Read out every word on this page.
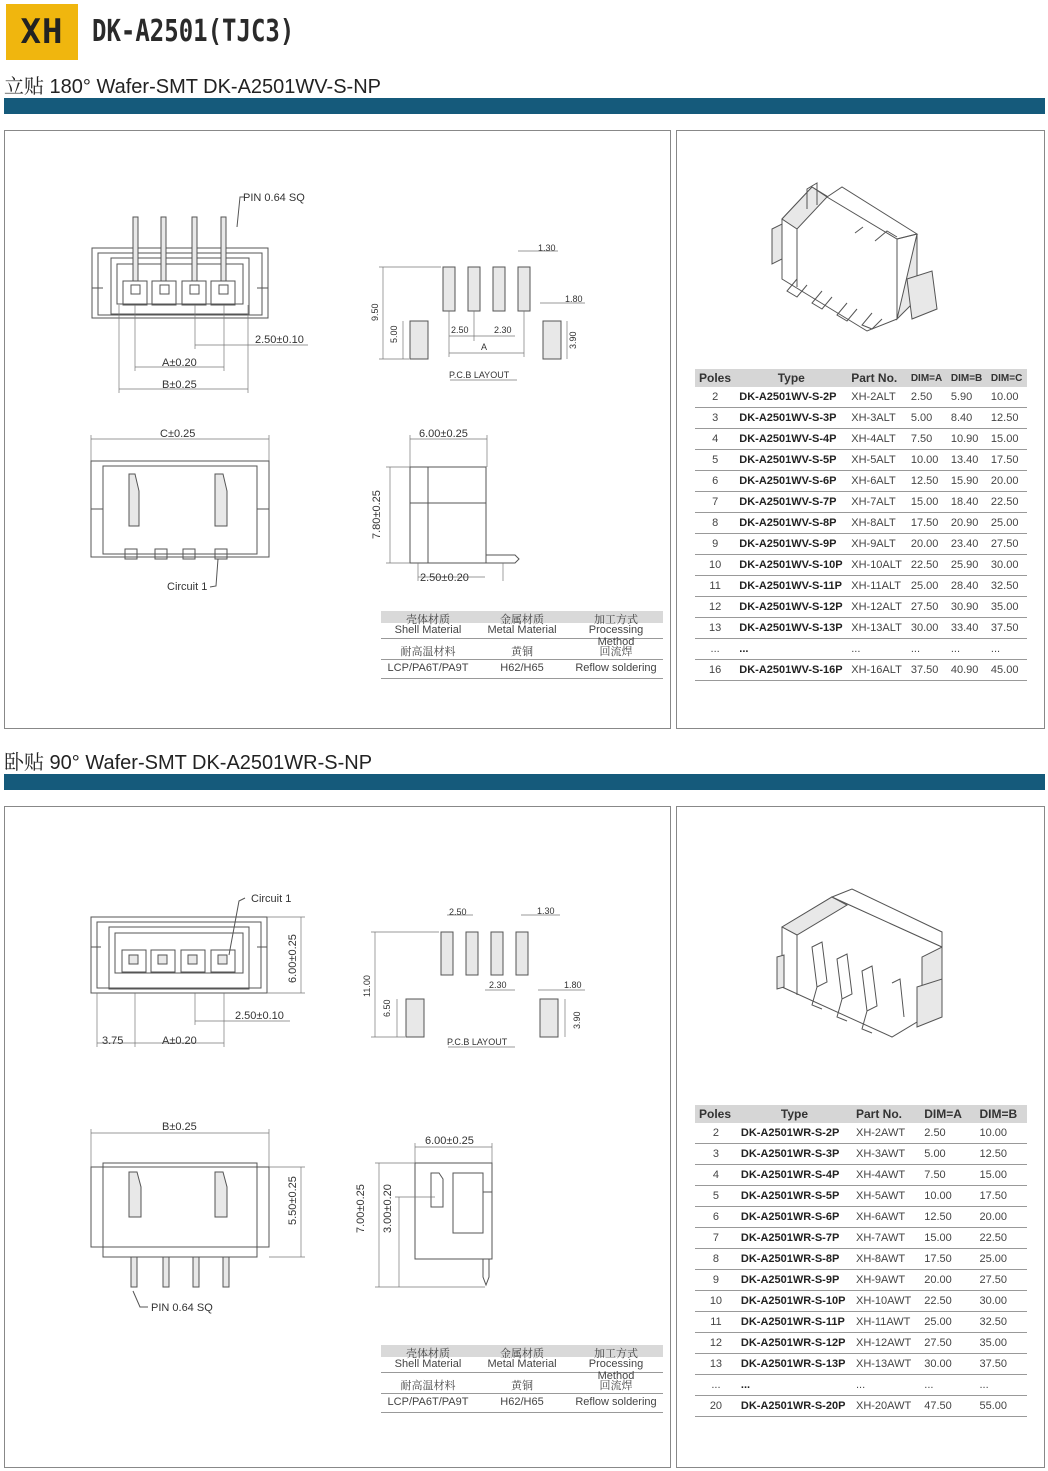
XH DK-A2501(TJC3)
立贴 180° Wafer-SMT DK-A2501WV-S-NP
PIN 0.64 SQ
2.50±0.10
A±0.20
B±0.25
C±0.25
Circuit 1
6.00±0.25
7.80±0.25
2.50±0.20
1.30
1.80
9.50
5.00	2.50	2.30
A	3.90
P.C.B LAYOUT
壳体材质	金属材质	加工方式
Shell Material	Metal Material	Processing Method
耐高温材料	黄铜	回流焊
LCP/PA6T/PA9T	H62/H65	Reflow soldering
Poles	Type	Part No.	DIM=A	DIM=B	DIM=C
2	DK-A2501WV-S-2P	XH-2ALT	2.50	5.90	10.00
3	DK-A2501WV-S-3P	XH-3ALT	5.00	8.40	12.50
4	DK-A2501WV-S-4P	XH-4ALT	7.50	10.90	15.00
5	DK-A2501WV-S-5P	XH-5ALT	10.00	13.40	17.50
6	DK-A2501WV-S-6P	XH-6ALT	12.50	15.90	20.00
7	DK-A2501WV-S-7P	XH-7ALT	15.00	18.40	22.50
8	DK-A2501WV-S-8P	XH-8ALT	17.50	20.90	25.00
9	DK-A2501WV-S-9P	XH-9ALT	20.00	23.40	27.50
10	DK-A2501WV-S-10P	XH-10ALT	22.50	25.90	30.00
11	DK-A2501WV-S-11P	XH-11ALT	25.00	28.40	32.50
12	DK-A2501WV-S-12P	XH-12ALT	27.50	30.90	35.00
13	DK-A2501WV-S-13P	XH-13ALT	30.00	33.40	37.50
...	...	...	...	...	...
16	DK-A2501WV-S-16P	XH-16ALT	37.50	40.90	45.00
卧贴 90° Wafer-SMT DK-A2501WR-S-NP
Circuit 1
6.00±0.25
2.50±0.10
3.75	A±0.20
B±0.25
5.50±0.25
PIN 0.64 SQ
6.00±0.25
7.00±0.25 3.00±0.20
2.50	1.30
11.00
6.50
2.30	1.80
3.90
P.C.B LAYOUT
壳体材质	金属材质	加工方式
Shell Material	Metal Material	Processing Method
耐高温材料	黄铜	回流焊
LCP/PA6T/PA9T	H62/H65	Reflow soldering
Poles	Type	Part No.	DIM=A	DIM=B
2	DK-A2501WR-S-2P	XH-2AWT	2.50	10.00
3	DK-A2501WR-S-3P	XH-3AWT	5.00	12.50
4	DK-A2501WR-S-4P	XH-4AWT	7.50	15.00
5	DK-A2501WR-S-5P	XH-5AWT	10.00	17.50
6	DK-A2501WR-S-6P	XH-6AWT	12.50	20.00
7	DK-A2501WR-S-7P	XH-7AWT	15.00	22.50
8	DK-A2501WR-S-8P	XH-8AWT	17.50	25.00
9	DK-A2501WR-S-9P	XH-9AWT	20.00	27.50
10	DK-A2501WR-S-10P	XH-10AWT	22.50	30.00
11	DK-A2501WR-S-11P	XH-11AWT	25.00	32.50
12	DK-A2501WR-S-12P	XH-12AWT	27.50	35.00
13	DK-A2501WR-S-13P	XH-13AWT	30.00	37.50
...	...	...	...	...
20	DK-A2501WR-S-20P	XH-20AWT	47.50	55.00
